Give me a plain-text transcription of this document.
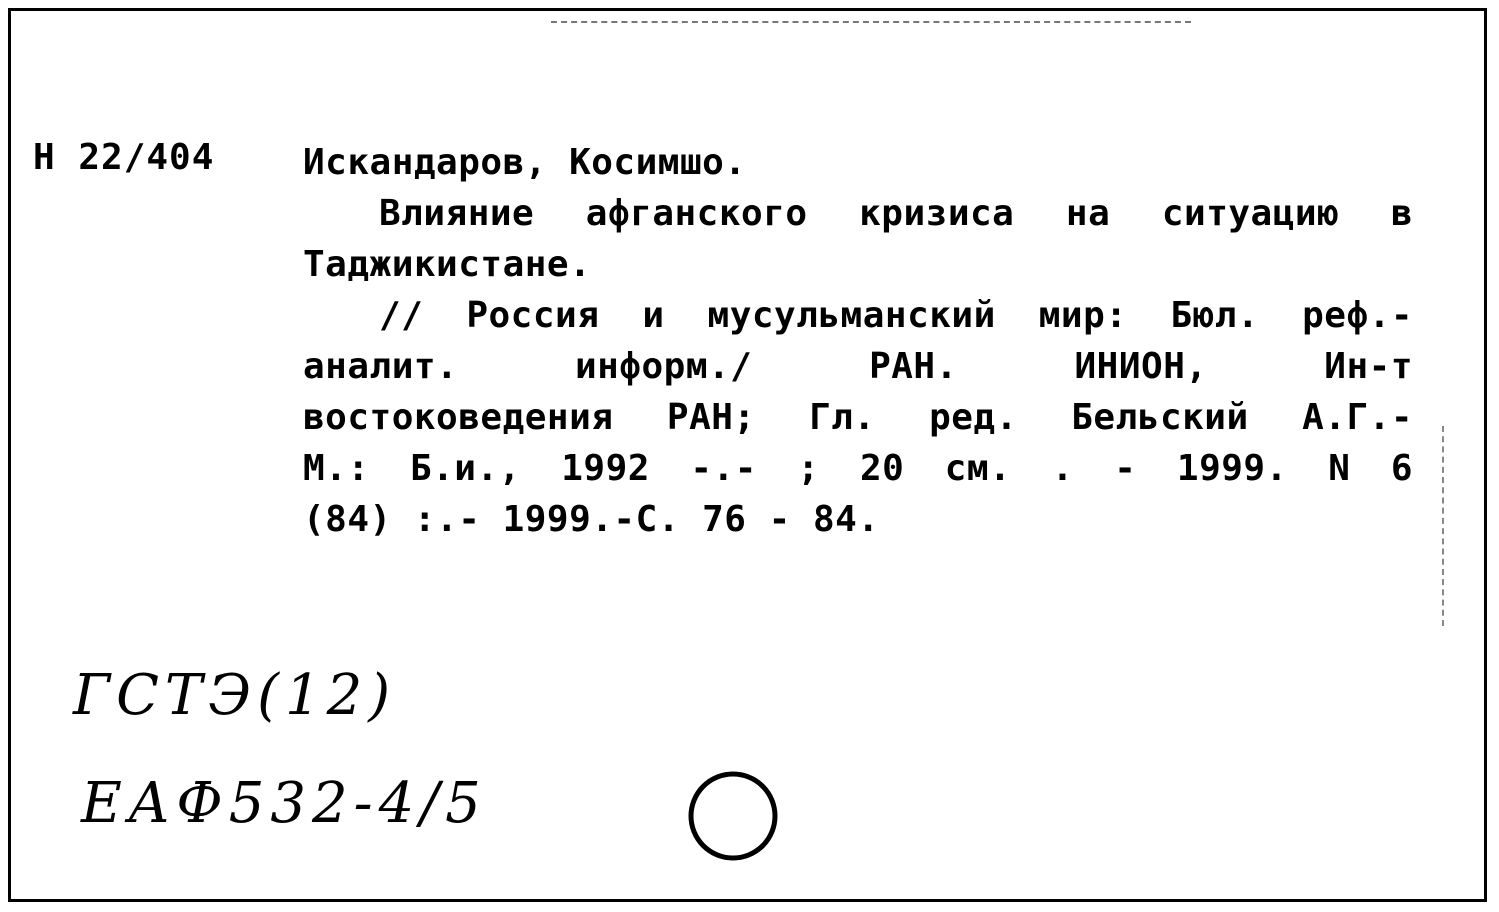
Н 22/404 Искандаров, Косимшо.
Влияние афганского кризиса на ситуацию в
Таджикистане.
// Россия и мусульманский мир: Бюл. реф.-
аналит. информ./ РАН. ИНИОН, Ин-т
востоковедения РАН; Гл. ред. Бельский А.Г.-
М.: Б.и., 1992 -.- ; 20 см. . - 1999. N 6
(84) :.- 1999.-С. 76 - 84.
ГСТЭ(12)
ЕАФ532-4/5
